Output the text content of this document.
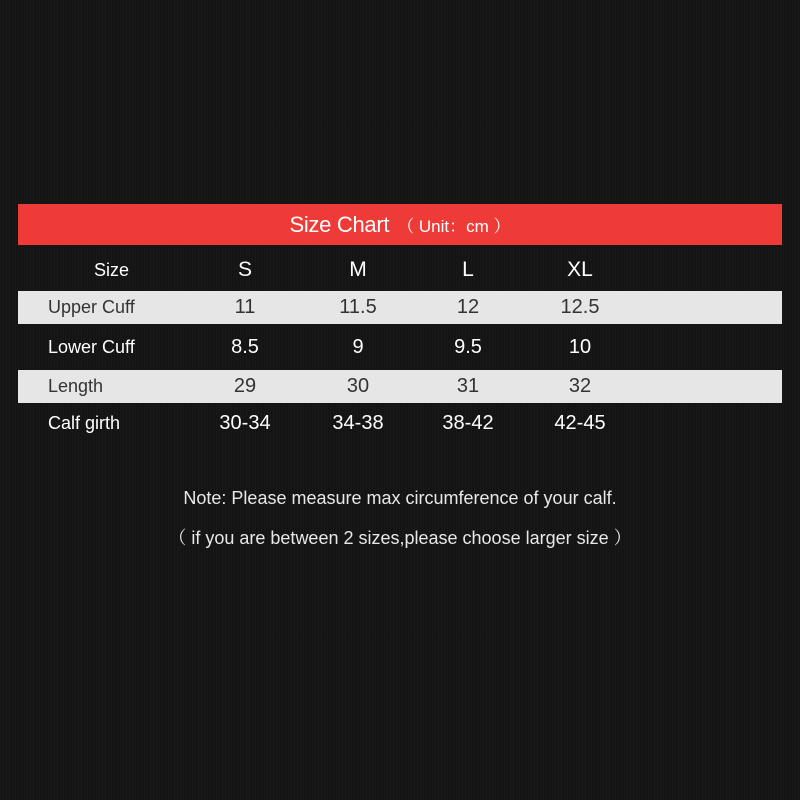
Size Chart （ Unit：cm ）
Size	S	M	L	XL
Upper Cuff	11	11.5	12	12.5
Lower Cuff	8.5	9	9.5	10
Length	29	30	31	32
Calf girth	30-34	34-38	38-42	42-45
Note: Please measure max circumference of your calf.
（ if you are between 2 sizes,please choose larger size ）
